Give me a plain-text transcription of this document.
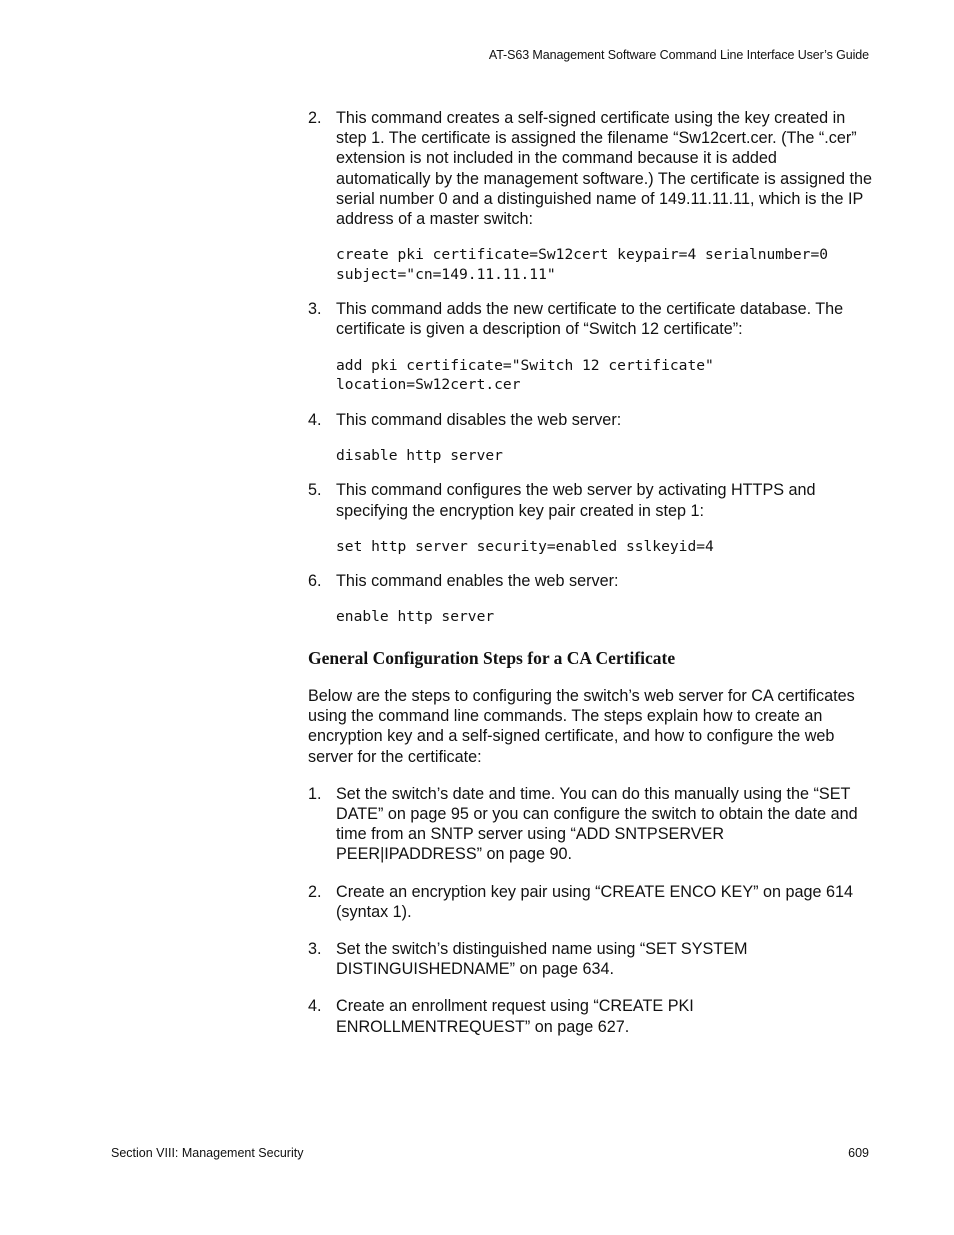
AT-S63 Management Software Command Line Interface User’s Guide
2. This command creates a self-signed certificate using the key created in step 1. The certificate is assigned the filename “Sw12cert.cer. (The “.cer” extension is not included in the command because it is added automatically by the management software.) The certificate is assigned the serial number 0 and a distinguished name of 149.11.11.11, which is the IP address of a master switch:
create pki certificate=Sw12cert keypair=4 serialnumber=0
subject="cn=149.11.11.11"
3. This command adds the new certificate to the certificate database. The certificate is given a description of “Switch 12 certificate”:
add pki certificate="Switch 12 certificate"
location=Sw12cert.cer
4. This command disables the web server:
disable http server
5. This command configures the web server by activating HTTPS and specifying the encryption key pair created in step 1:
set http server security=enabled sslkeyid=4
6. This command enables the web server:
enable http server
General Configuration Steps for a CA Certificate
Below are the steps to configuring the switch’s web server for CA certificates using the command line commands. The steps explain how to create an encryption key and a self-signed certificate, and how to configure the web server for the certificate:
1. Set the switch’s date and time. You can do this manually using the “SET DATE” on page 95 or you can configure the switch to obtain the date and time from an SNTP server using “ADD SNTPSERVER PEER|IPADDRESS” on page 90.
2. Create an encryption key pair using “CREATE ENCO KEY” on page 614 (syntax 1).
3. Set the switch’s distinguished name using “SET SYSTEM DISTINGUISHEDNAME” on page 634.
4. Create an enrollment request using “CREATE PKI ENROLLMENTREQUEST” on page 627.
Section VIII: Management Security	609
